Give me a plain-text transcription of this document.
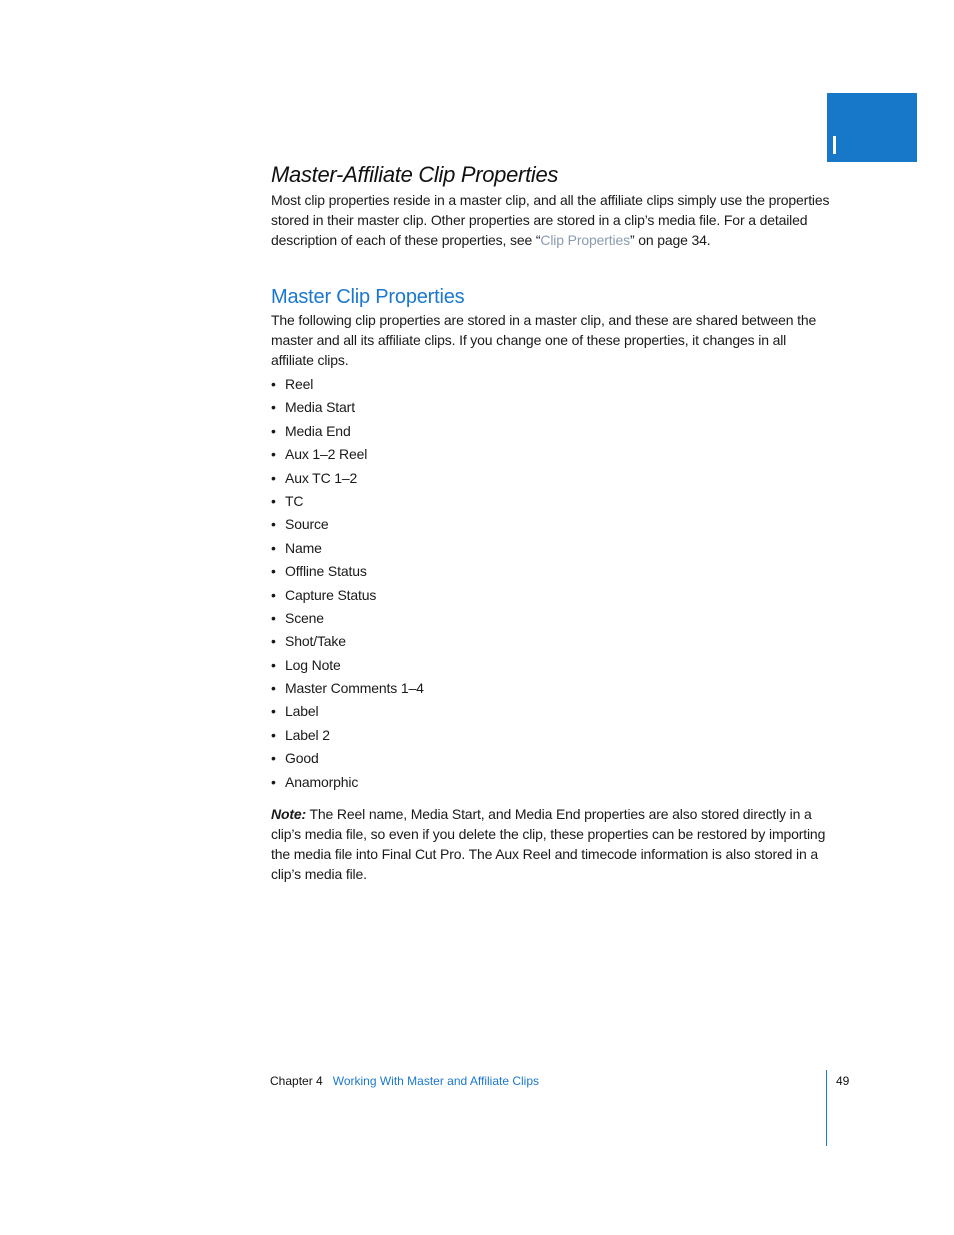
Master-Affiliate Clip Properties

Most clip properties reside in a master clip, and all the affiliate clips simply use the properties stored in their master clip. Other properties are stored in a clip’s media file. For a detailed description of each of these properties, see “Clip Properties” on page 34.

Master Clip Properties

The following clip properties are stored in a master clip, and these are shared between the master and all its affiliate clips. If you change one of these properties, it changes in all affiliate clips.

• Reel
• Media Start
• Media End
• Aux 1–2 Reel
• Aux TC 1–2
• TC
• Source
• Name
• Offline Status
• Capture Status
• Scene
• Shot/Take
• Log Note
• Master Comments 1–4
• Label
• Label 2
• Good
• Anamorphic

Note: The Reel name, Media Start, and Media End properties are also stored directly in a clip’s media file, so even if you delete the clip, these properties can be restored by importing the media file into Final Cut Pro. The Aux Reel and timecode information is also stored in a clip’s media file.

Chapter 4 Working With Master and Affiliate Clips	49
